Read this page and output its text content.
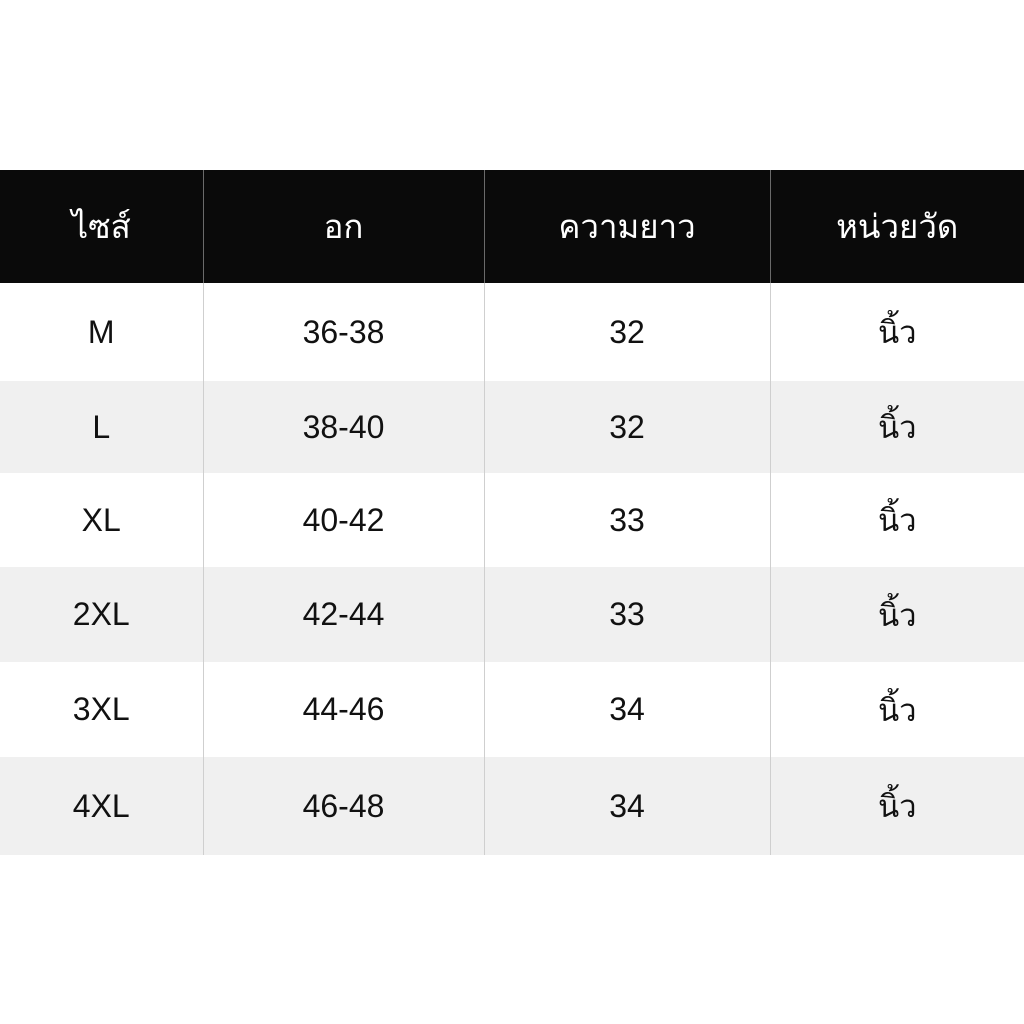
ไซส์	อก	ความยาว	หน่วยวัด
M	36-38	32	นิ้ว
L	38-40	32	นิ้ว
XL	40-42	33	นิ้ว
2XL	42-44	33	นิ้ว
3XL	44-46	34	นิ้ว
4XL	46-48	34	นิ้ว
